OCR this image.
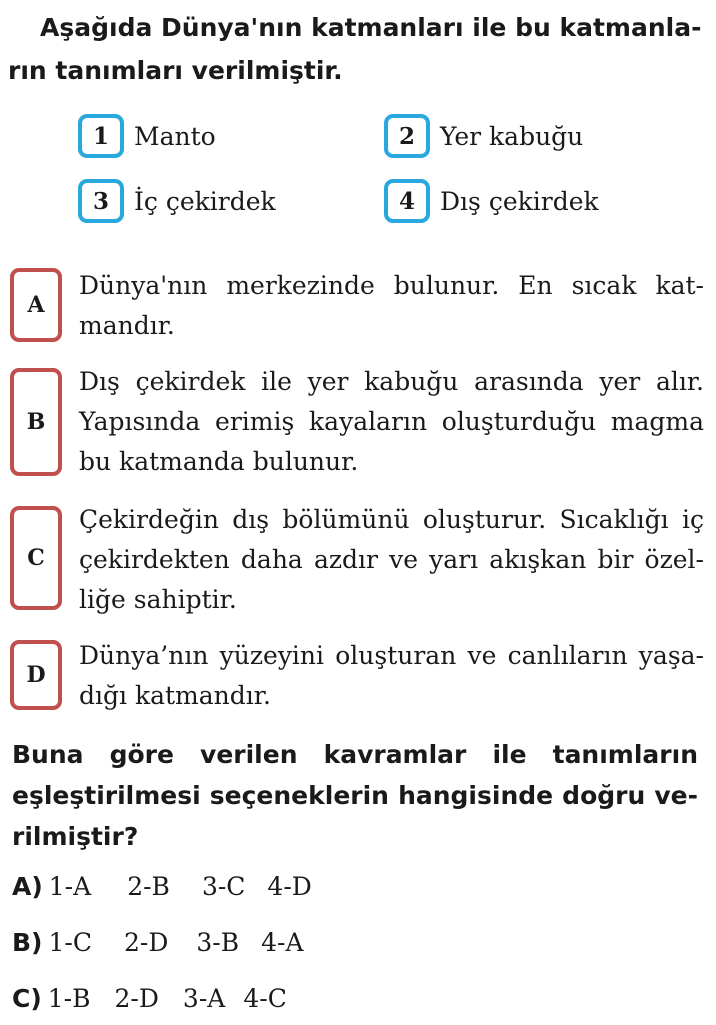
Aşağıda Dünya'nın katmanları ile bu katmanla-
rın tanımları verilmiştir.
1	Manto	2	Yer kabuğu
3	İç çekirdek	4	Dış çekirdek
A
Dünya'nın merkezinde bulunur. En sıcak kat-
mandır.
B
Dış çekirdek ile yer kabuğu arasında yer alır.
Yapısında erimiş kayaların oluşturduğu magma
bu katmanda bulunur.
C
Çekirdeğin dış bölümünü oluşturur. Sıcaklığı iç
çekirdekten daha azdır ve yarı akışkan bir özel-
liğe sahiptir.
D
Dünya’nın yüzeyini oluşturan ve canlıların yaşa-
dığı katmandır.
Buna göre verilen kavramlar ile tanımların
eşleştirilmesi seçeneklerin hangisinde doğru ve-
rilmiştir?
A) 1-A 2-B 3-C 4-D
B) 1-C 2-D 3-B 4-A
C) 1-B 2-D 3-A 4-C
